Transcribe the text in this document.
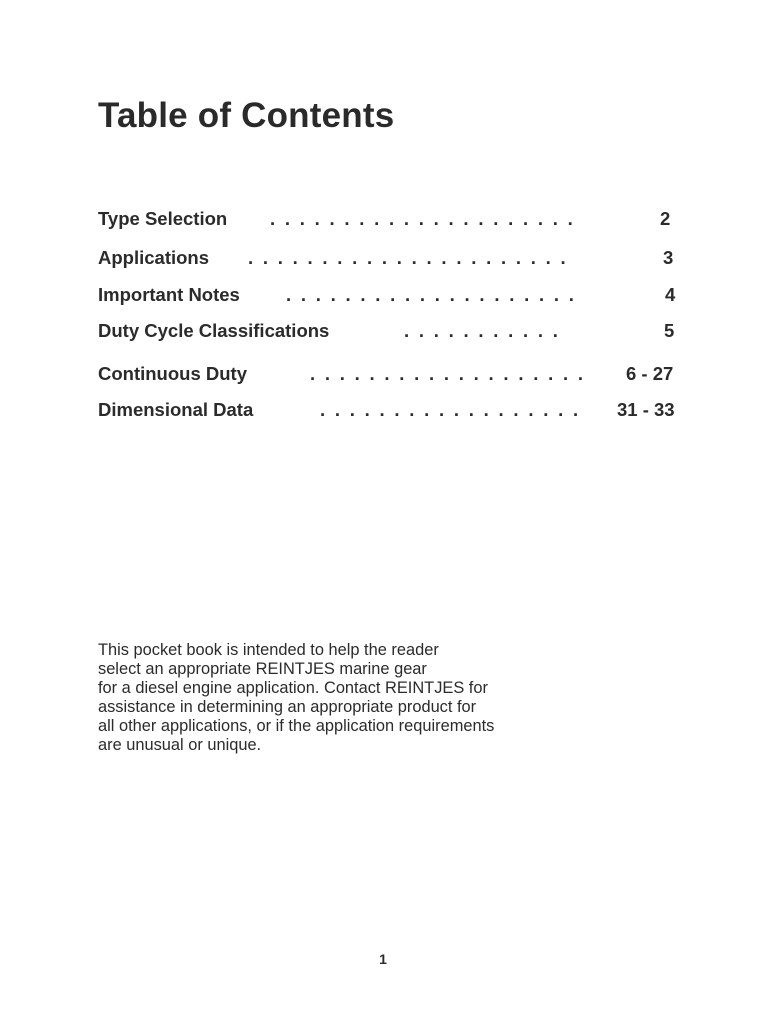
Table of Contents
Type Selection . . . . . . . . . . . . . . . . . . . . .	2
Applications . . . . . . . . . . . . . . . . . . . . . .	3
Important Notes . . . . . . . . . . . . . . . . . . . .	4
Duty Cycle Classifications	. . . . . . . . . . .	5
Continuous Duty	. . . . . . . . . . . . . . . . . . . 6 - 27
Dimensional Data	. . . . . . . . . . . . . . . . . . 31 - 33

This pocket book is intended to help the reader
select an appropriate REINTJES marine gear
for a diesel engine application. Contact REINTJES for
assistance in determining an appropriate product for
all other applications, or if the application requirements
are unusual or unique.

1
